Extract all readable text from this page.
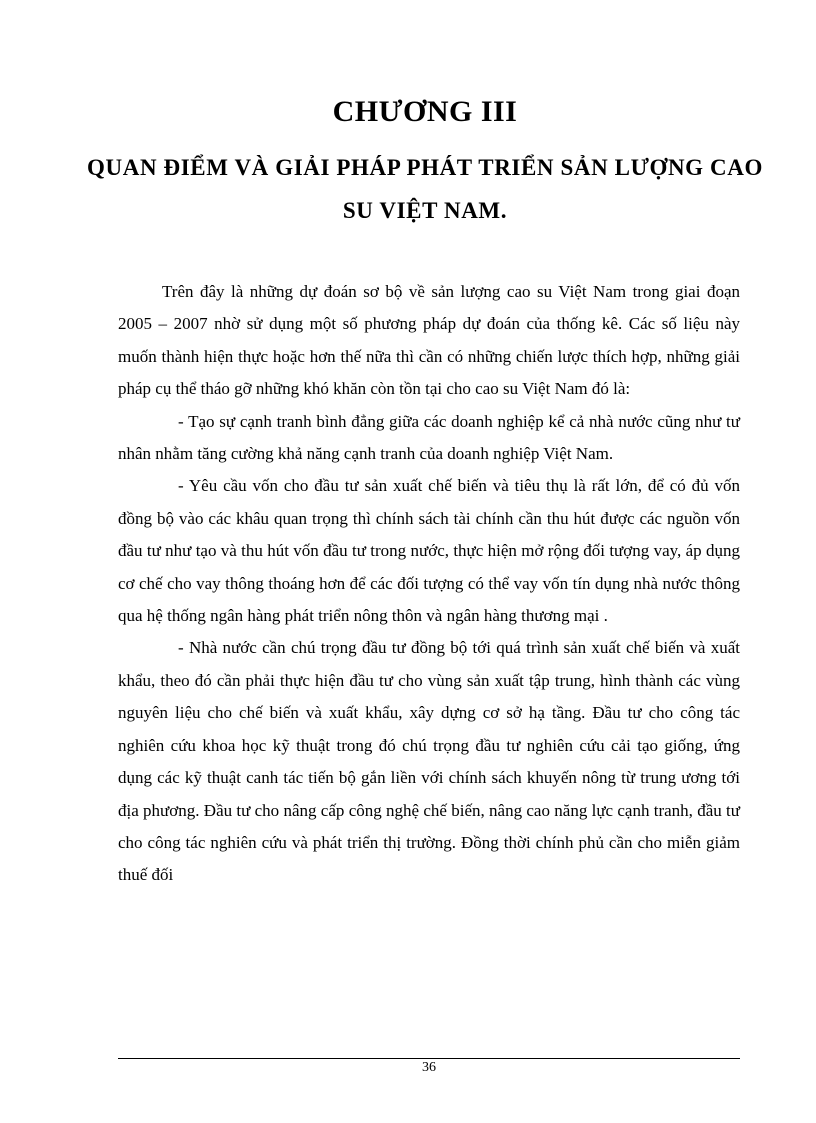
CHƯƠNG III
QUAN ĐIỂM VÀ GIẢI PHÁP PHÁT TRIỂN SẢN LƯỢNG CAO SU VIỆT NAM.

Trên đây là những dự đoán sơ bộ về sản lượng cao su Việt Nam trong giai đoạn 2005 – 2007 nhờ sử dụng một số phương pháp dự đoán của thống kê. Các số liệu này muốn thành hiện thực hoặc hơn thế nữa thì cần có những chiến lược thích hợp, những giải pháp cụ thể tháo gỡ những khó khăn còn tồn tại cho cao su Việt Nam đó là:

- Tạo sự cạnh tranh bình đẳng giữa các doanh nghiệp kể cả nhà nước cũng như tư nhân nhằm tăng cường khả năng cạnh tranh của doanh nghiệp Việt Nam.

- Yêu cầu vốn cho đầu tư sản xuất chế biến và tiêu thụ là rất lớn, để có đủ vốn đồng bộ vào các khâu quan trọng thì chính sách tài chính cần thu hút được các nguồn vốn đầu tư như tạo và thu hút vốn đầu tư trong nước, thực hiện mở rộng đối tượng vay, áp dụng cơ chế cho vay thông thoáng hơn để các đối tượng có thể vay vốn tín dụng nhà nước thông qua hệ thống ngân hàng phát triển nông thôn và ngân hàng thương mại .

- Nhà nước cần chú trọng đầu tư đồng bộ tới quá trình sản xuất chế biến và xuất khẩu, theo đó cần phải thực hiện đầu tư cho vùng sản xuất tập trung, hình thành các vùng nguyên liệu cho chế biến và xuất khẩu, xây dựng cơ sở hạ tầng. Đầu tư cho công tác nghiên cứu khoa học kỹ thuật trong đó chú trọng đầu tư nghiên cứu cải tạo giống, ứng dụng các kỹ thuật canh tác tiến bộ gắn liền với chính sách khuyến nông từ trung ương tới địa phương. Đầu tư cho nâng cấp công nghệ chế biến, nâng cao năng lực cạnh tranh, đầu tư cho công tác nghiên cứu và phát triển thị trường. Đồng thời chính phủ cần cho miễn giảm thuế đối

36
